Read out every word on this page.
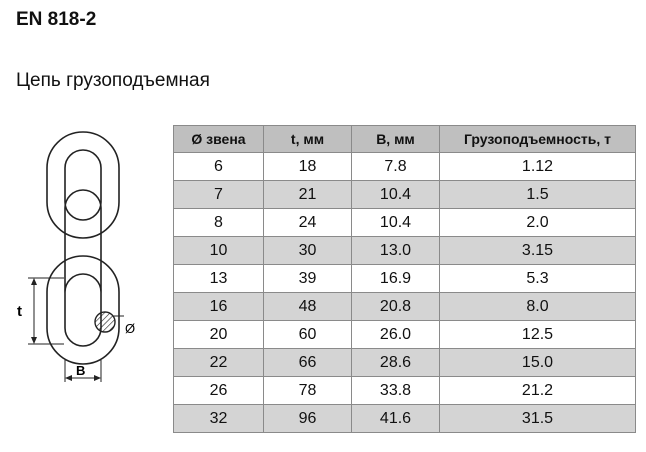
EN 818-2
Цепь грузоподъемная
Ø
t
B
Ø звена	t, мм	B, мм	Грузоподъемность, т
6	18	7.8	1.12
7	21	10.4	1.5
8	24	10.4	2.0
10	30	13.0	3.15
13	39	16.9	5.3
16	48	20.8	8.0
20	60	26.0	12.5
22	66	28.6	15.0
26	78	33.8	21.2
32	96	41.6	31.5
